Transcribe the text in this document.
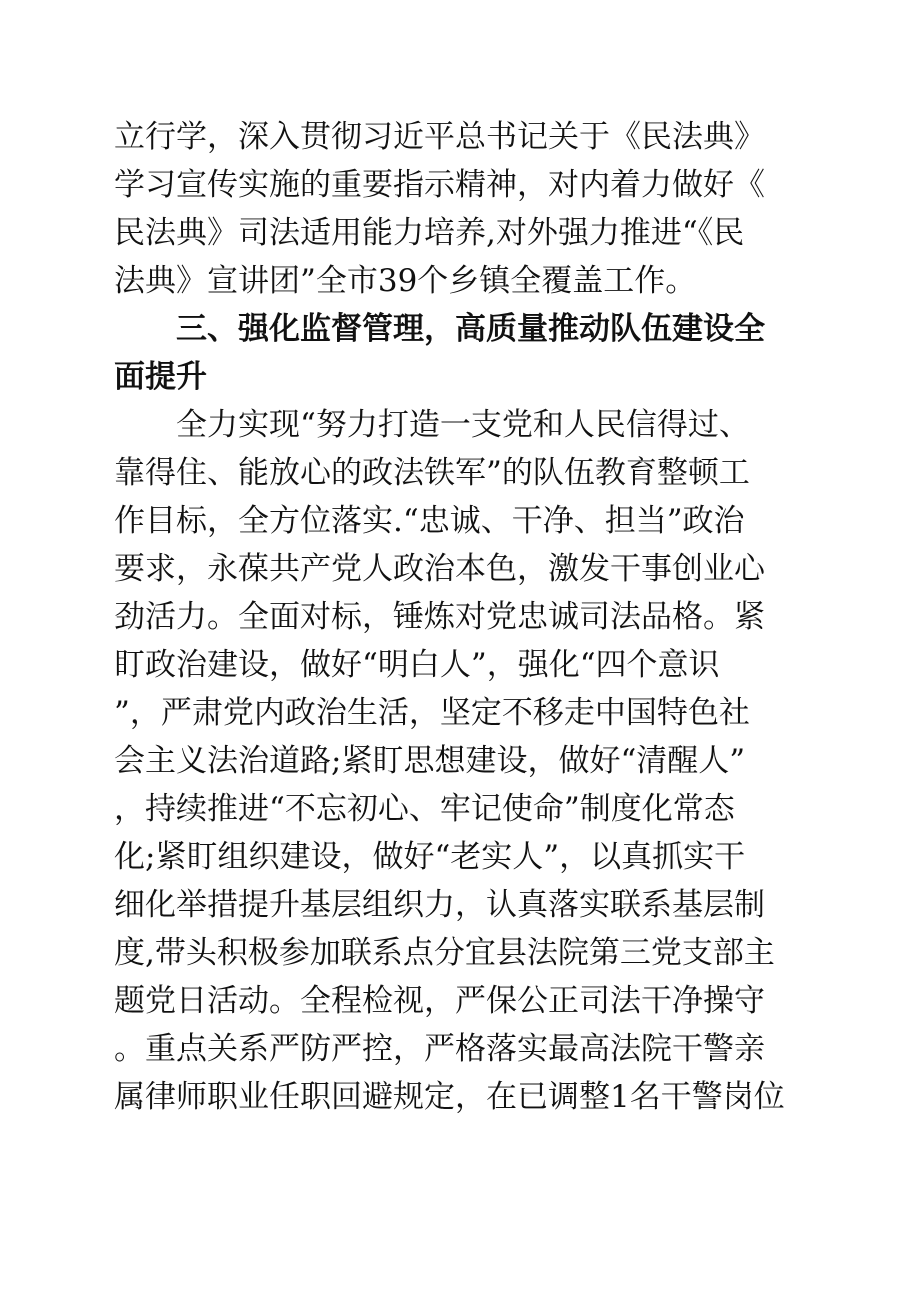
立行学，深入贯彻习近平总书记关于《民法典》
学习宣传实施的重要指示精神，对内着力做好《
民法典》司法适用能力培养,对外强力推进“《民
法典》宣讲团”全市39个乡镇全覆盖工作。
三、强化监督管理，高质量推动队伍建设全
面提升
全力实现“努力打造一支党和人民信得过、
靠得住、能放心的政法铁军”的队伍教育整顿工
作目标，全方位落实.“忠诚、干净、担当”政治
要求，永葆共产党人政治本色，激发干事创业心
劲活力。全面对标，锤炼对党忠诚司法品格。紧
盯政治建设，做好“明白人”，强化“四个意识
”，严肃党内政治生活，坚定不移走中国特色社
会主义法治道路;紧盯思想建设，做好“清醒人”
，持续推进“不忘初心、牢记使命”制度化常态
化;紧盯组织建设，做好“老实人”，以真抓实干
细化举措提升基层组织力，认真落实联系基层制
度,带头积极参加联系点分宜县法院第三党支部主
题党日活动。全程检视，严保公正司法干净操守
。重点关系严防严控，严格落实最高法院干警亲
属律师职业任职回避规定，在已调整1名干警岗位
